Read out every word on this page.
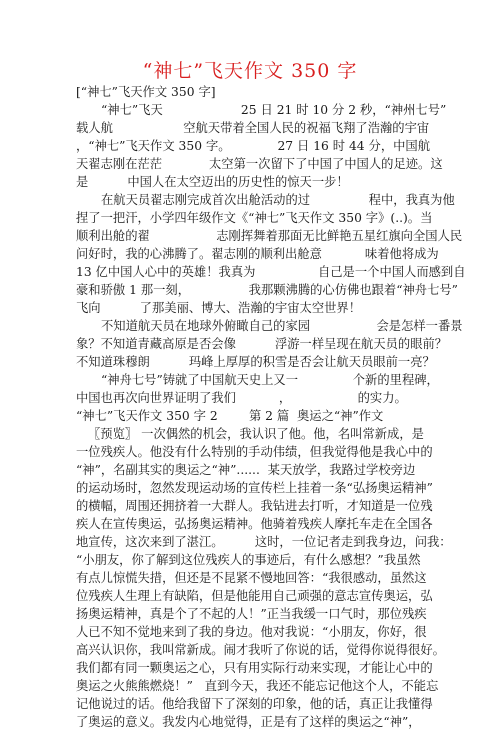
“神七”飞天作文 350 字
[“神七”飞天作文 350 字]
“神七”飞天                    25 日 21 时 10 分 2 秒，“神州七号”
载人航                  空航天带着全国人民的祝福飞翔了浩瀚的宇宙
，“神七”飞天作文 350 字。            27 日 16 时 44 分，中国航
天翟志刚在茫茫            太空第一次留下了中国了中国人的足迹。这
是          中国人在太空迈出的历史性的惊天一步！
在航天员翟志刚完成首次出舱活动的过               程中，我真为他
捏了一把汗，小学四年级作文《“神七”飞天作文 350 字》(..)。当
顺利出舱的翟                 志刚挥舞着那面无比鲜艳五星红旗向全国人民
问好时，我的心沸腾了。翟志刚的顺利出舱意           味着他将成为
13 亿中国人心中的英雄！我真为                自己是一个中国人而感到自
豪和骄傲 1 那一刻，               我那颗沸腾的心仿佛也跟着“神舟七号”
飞向          了那美丽、博大、浩瀚的宇宙太空世界！
不知道航天员在地球外俯瞰自己的家园                 会是怎样一番景
象？不知道青藏高原是否会像          浮游一样呈现在航天员的眼前？
不知道珠穆朗          玛峰上厚厚的积雪是否会让航天员眼前一亮？
“神舟七号”铸就了中国航天史上又一              个新的里程碑，
中国也再次向世界证明了我们           ，                 的实力。
“神七”飞天作文 350 字 2        第 2 篇  奥运之“神”作文
〖预览〗 一次偶然的机会，我认识了他。他，名叫常新成，是
一位残疾人。他没有什么特别的手动伟绩，但我觉得他是我心中的
“神”，名副其实的奥运之“神”......  某天放学，我路过学校旁边
的运动场时，忽然发现运动场的宣传栏上挂着一条“弘扬奥运精神”
的横幅，周围还拥挤着一大群人。我钻进去打听，才知道是一位残
疾人在宣传奥运，弘扬奥运精神。他骑着残疾人摩托车走在全国各
地宣传，这次来到了湛江。        这时，一位记者走到我身边，问我：
“小朋友，你了解到这位残疾人的事迹后，有什么感想？”我虽然
有点儿惊慌失措，但还是不昆紧不慢地回答：“我很感动，虽然这
位残疾人生理上有缺陷，但是他能用自己顽强的意志宣传奥运，弘
扬奥运精神，真是个了不起的人！”正当我缓一口气时，那位残疾
人已不知不觉地来到了我的身边。他对我说：“小朋友，你好，很
高兴认识你，我叫常新成。闹才我听了你说的话，觉得你说得很好。
我们都有同一颗奥运之心，只有用实际行动来实现，才能让心中的
奥运之火熊熊燃烧！”   直到今天，我还不能忘记他这个人，不能忘
记他说过的话。他给我留下了深刻的印象，他的话，真正让我懂得
了奥运的意义。我发内心地觉得，正是有了这样的奥运之“神”，
